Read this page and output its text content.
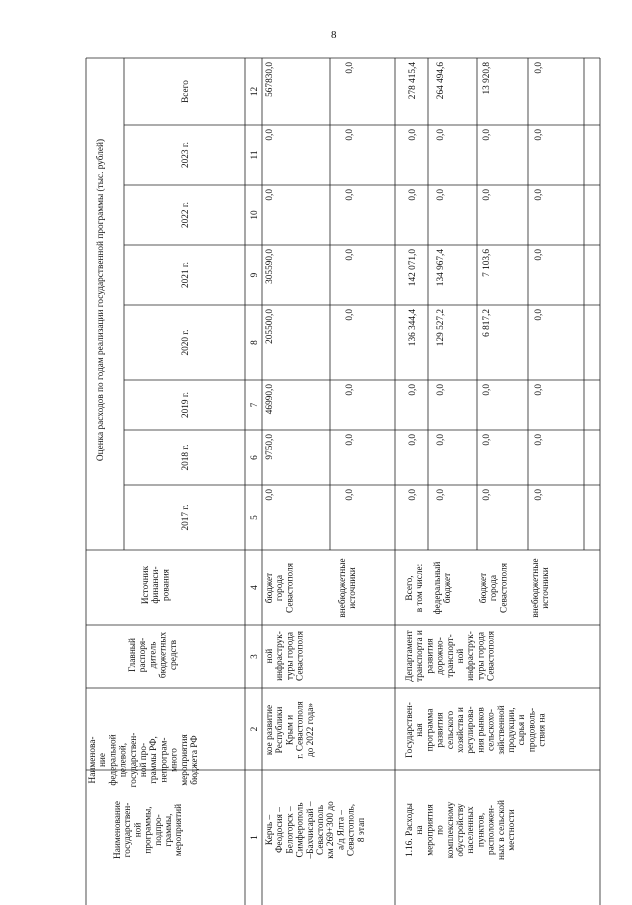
8
Оценка расходов по годам реализации государственной программы (тыс. рублей)
2017 г.
2018 г.
2019 г.
2020 г.
2021 г.
2022 г.
2023 г.
Всего
Наименова- ние федеральной целевой, государствен- ной про- граммы РФ, непрограм- много мероприятия бюджета РФ
Главный распоря- дитель бюджетных средств
Источник финанси- рования
Наименование государствен- ной программы, подпро- граммы, мероприятий	1
2
3
4
5
6
7
8
9
10
11
12
Керчь – Феодосия – Белогорск – Симферополь –Бахчисарай – Севастополь км 269+300 до а/д Ялта – Севастополь, 8 этап
кое развитие Республики Крым и г. Севастополя до 2022 года»
ной инфраструк- туры города Севастополя
бюджет города Севастополя	внебюджетные источники
0,0
9750,0
46990,0
205500,0
305590,0
0,0
0,0
567830,0
0,0
0,0
0,0
0,0
0,0
0,0
0,0
0,0
1.16. Расходы на мероприятия по комплексному обустройству населенных пунктов, расположен- ных в сельской местности
Государствен- ная программа развития сельского хозяйства и регулирова- ния рынков сельскохо- зяйственной продукции, сырья и продоволь- ствия на
Департамент транспорта и развития дорожно- транспорт- ной инфраструк- туры города Севастополя
Всего, в том числе:
0,0
0,0
0,0
136 344,4
142 071,0
0,0
0,0
278 415,4
федеральный бюджет
0,0
0,0
0,0
129 527,2
134 967,4
0,0
0,0
264 494,6
бюджет города Севастополя
0,0
0,0
0,0
6 817,2
7 103,6
0,0
0,0
13 920,8
внебюджетные источники
0,0
0,0
0,0
0,0
0,0
0,0
0,0
0,0
